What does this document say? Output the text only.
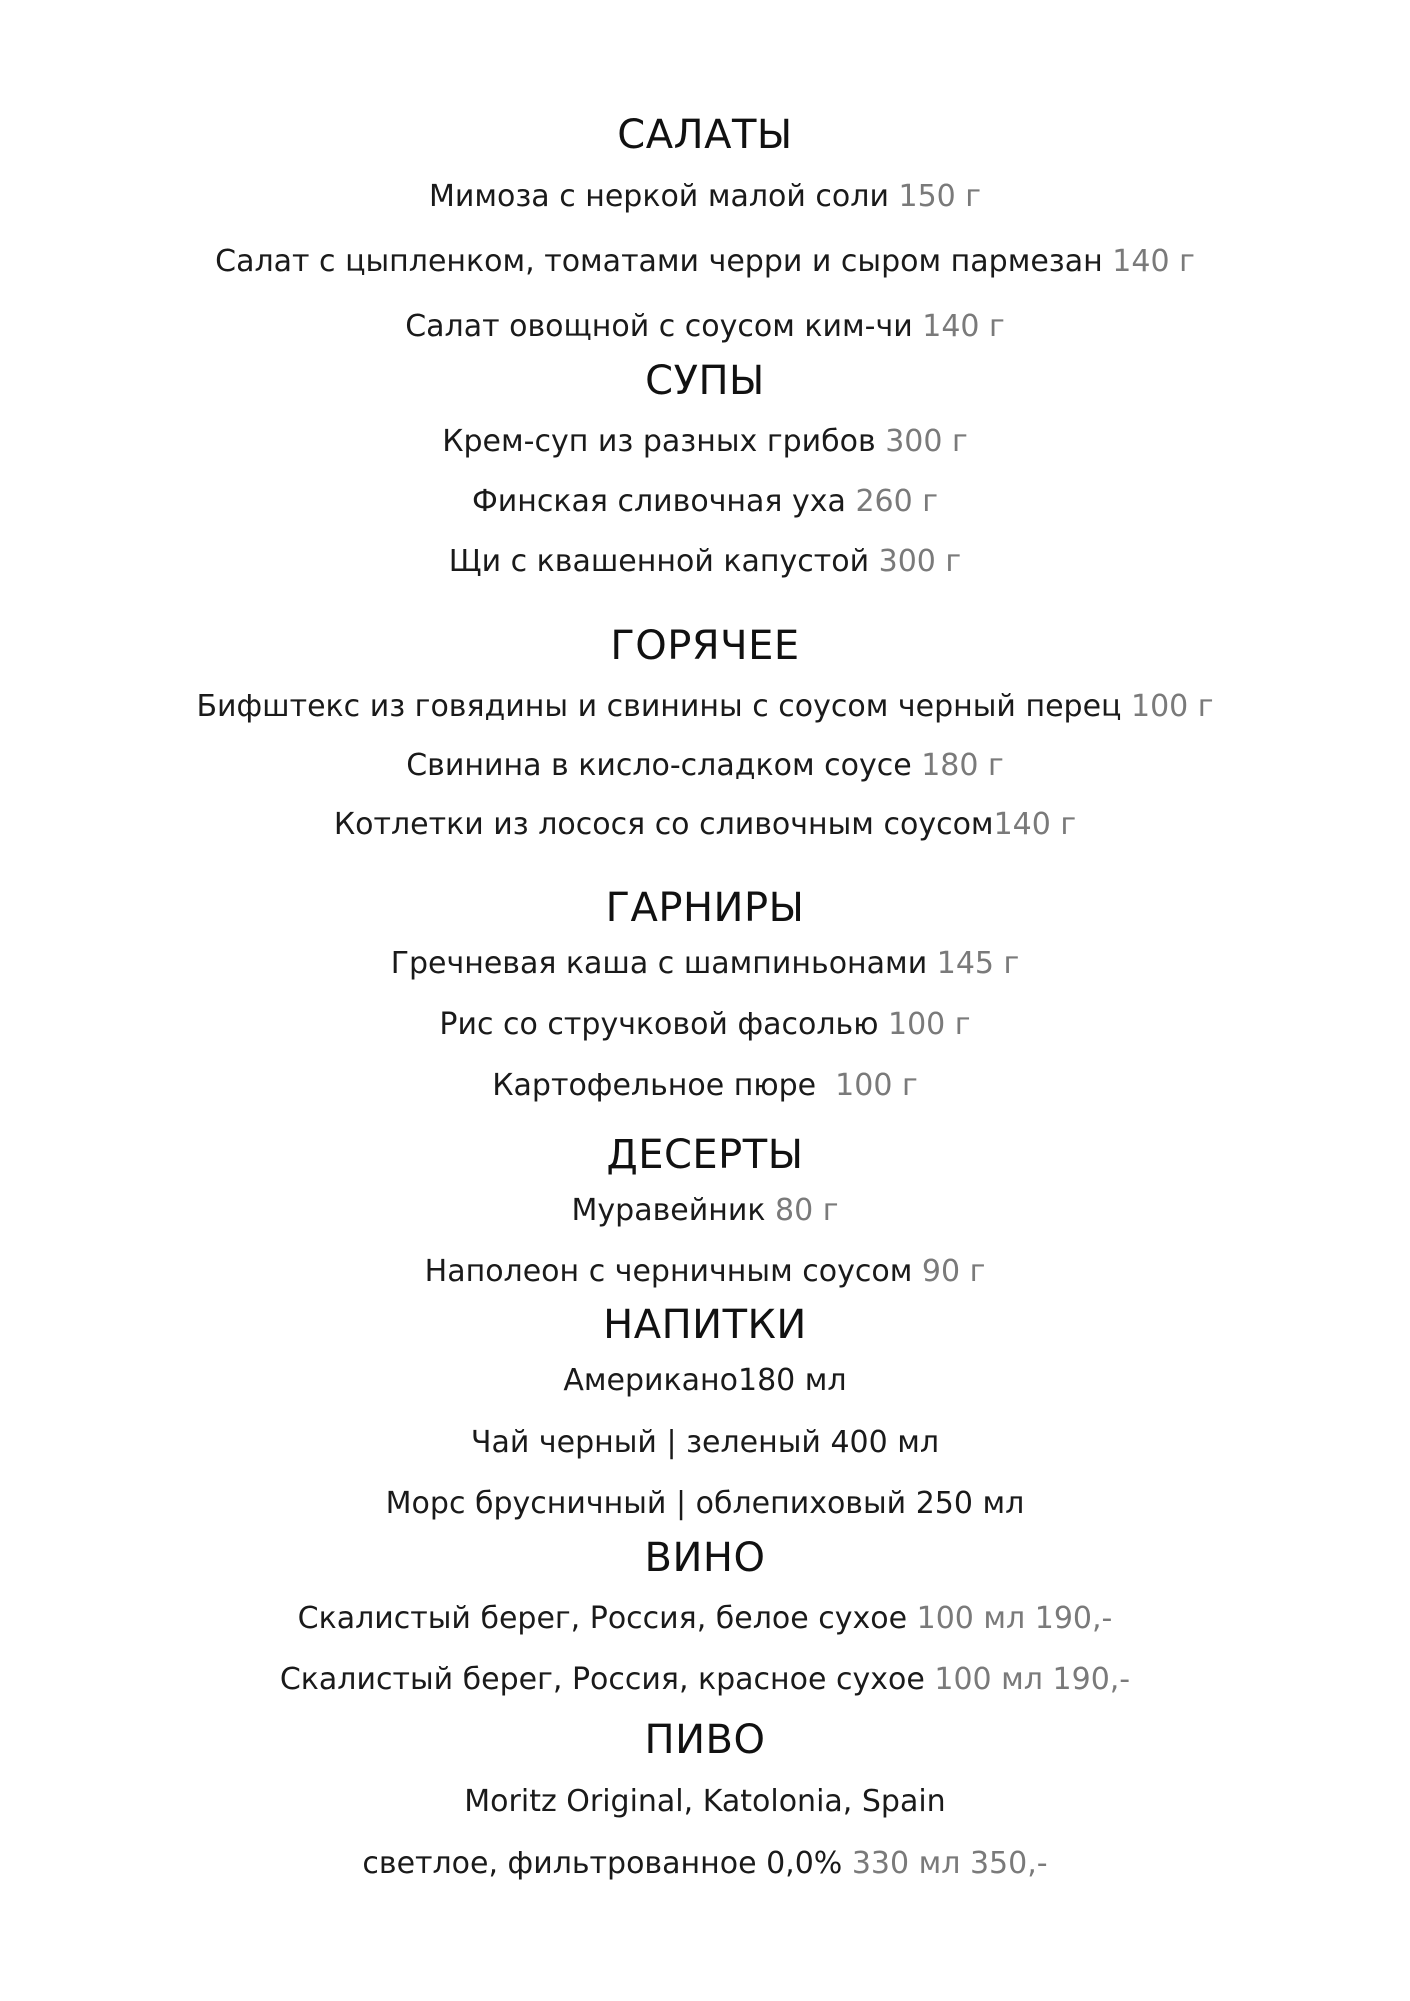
САЛАТЫ
Мимоза с неркой малой соли 150 г
Салат с цыпленком, томатами черри и сыром пармезан 140 г
Салат овощной с соусом ким-чи 140 г
СУПЫ
Крем-суп из разных грибов 300 г
Финская сливочная уха 260 г
Щи с квашенной капустой 300 г
ГОРЯЧЕЕ
Бифштекс из говядины и свинины с соусом черный перец 100 г
Свинина в кисло-сладком соусе 180 г
Котлетки из лосося со сливочным соусом140 г
ГАРНИРЫ
Гречневая каша с шампиньонами 145 г
Рис со стручковой фасолью 100 г
Картофельное пюре  100 г
ДЕСЕРТЫ
Муравейник 80 г
Наполеон с черничным соусом 90 г
НАПИТКИ
Американо180 мл
Чай черный | зеленый 400 мл
Морс брусничный | облепиховый 250 мл
ВИНО
Скалистый берег, Россия, белое сухое 100 мл 190,-
Скалистый берег, Россия, красное сухое 100 мл 190,-
ПИВО
Moritz Original, Katolonia, Spain
светлое, фильтрованное 0,0% 330 мл 350,-
